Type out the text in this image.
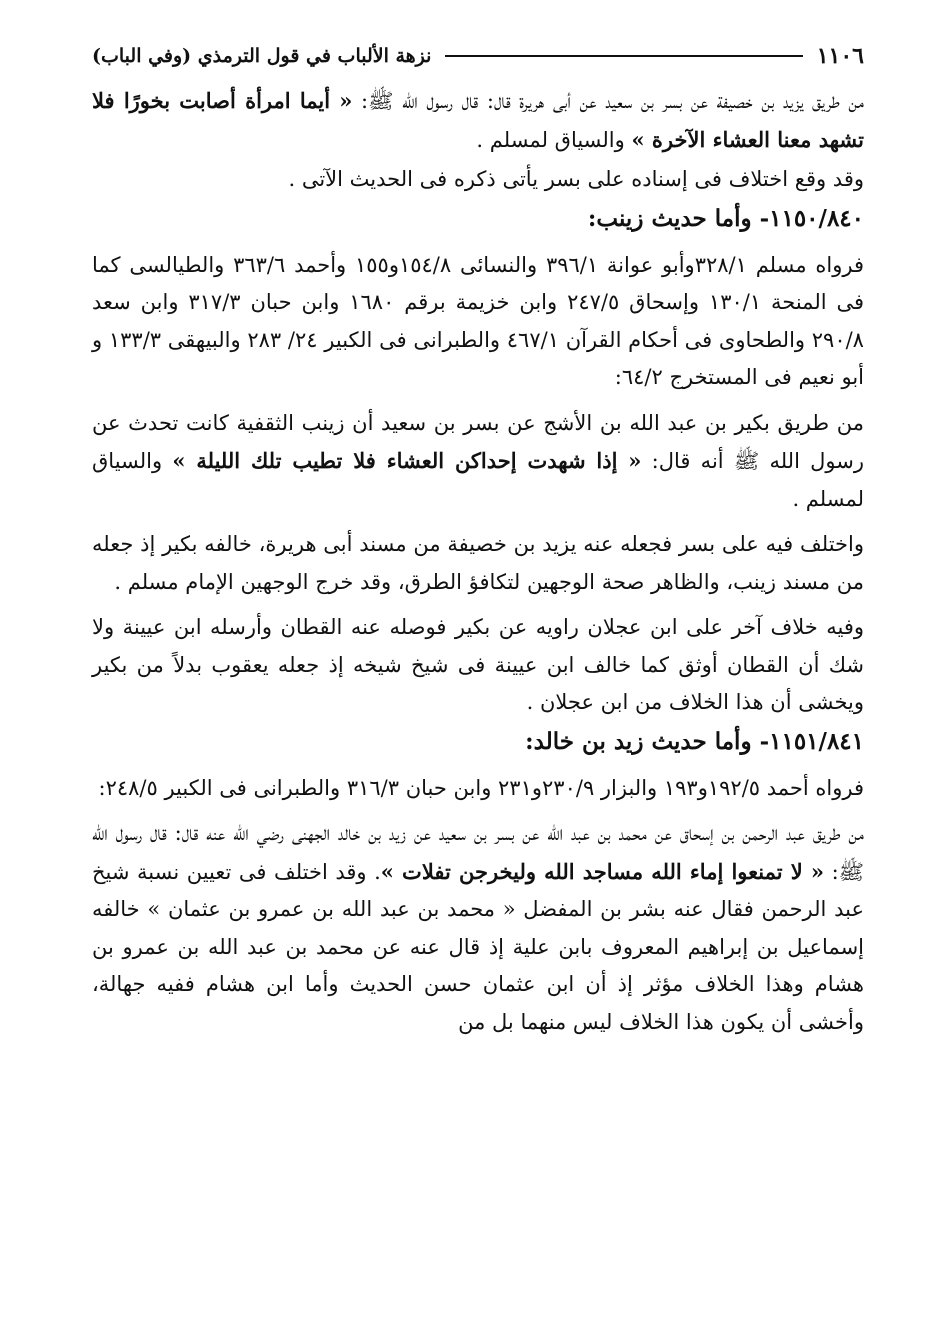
١١٠٦
نزهة الألباب في قول الترمذي (وفي الباب)

من طريق يزيد بن خصيفة عن بسر بن سعيد عن أبى هريرة قال: قال رسول الله ﷺ: « أيما امرأة أصابت بخورًا فلا تشهد معنا العشاء الآخرة » والسياق لمسلم .

وقد وقع اختلاف فى إسناده على بسر يأتى ذكره فى الحديث الآتى .

١١٥٠/٨٤٠- وأما حديث زينب:

فرواه مسلم ٣٢٨/١وأبو عوانة ٣٩٦/١ والنسائى ١٥٤/٨و١٥٥ وأحمد ٣٦٣/٦ والطيالسى كما فى المنحة ١٣٠/١ وإسحاق ٢٤٧/٥ وابن خزيمة برقم ١٦٨٠ وابن حبان ٣١٧/٣ وابن سعد ٢٩٠/٨ والطحاوى فى أحكام القرآن ٤٦٧/١ والطبرانى فى الكبير ٢٤/ ٢٨٣ والبيهقى ١٣٣/٣ و أبو نعيم فى المستخرج ٦٤/٢:

من طريق بكير بن عبد الله بن الأشج عن بسر بن سعيد أن زينب الثقفية كانت تحدث عن رسول الله ﷺ أنه قال: « إذا شهدت إحداكن العشاء فلا تطيب تلك الليلة » والسياق لمسلم .

واختلف فيه على بسر فجعله عنه يزيد بن خصيفة من مسند أبى هريرة، خالفه بكير إذ جعله من مسند زينب، والظاهر صحة الوجهين لتكافؤ الطرق، وقد خرج الوجهين الإمام مسلم .

وفيه خلاف آخر على ابن عجلان راويه عن بكير فوصله عنه القطان وأرسله ابن عيينة ولا شك أن القطان أوثق كما خالف ابن عيينة فى شيخ شيخه إذ جعله يعقوب بدلاً من بكير ويخشى أن هذا الخلاف من ابن عجلان .

١١٥١/٨٤١- وأما حديث زيد بن خالد:

فرواه أحمد ١٩٢/٥و١٩٣ والبزار ٢٣٠/٩و٢٣١ وابن حبان ٣١٦/٣ والطبرانى فى الكبير ٢٤٨/٥:

من طريق عبد الرحمن بن إسحاق عن محمد بن عبد الله عن بسر بن سعيد عن زيد بن خالد الجهنى رضي الله عنه قال: قال رسول الله ﷺ: « لا تمنعوا إماء الله مساجد الله وليخرجن تفلات ». وقد اختلف فى تعيين نسبة شيخ عبد الرحمن فقال عنه بشر بن المفضل « محمد بن عبد الله بن عمرو بن عثمان » خالفه إسماعيل بن إبراهيم المعروف بابن علية إذ قال عنه عن محمد بن عبد الله بن عمرو بن هشام وهذا الخلاف مؤثر إذ أن ابن عثمان حسن الحديث وأما ابن هشام ففيه جهالة، وأخشى أن يكون هذا الخلاف ليس منهما بل من
